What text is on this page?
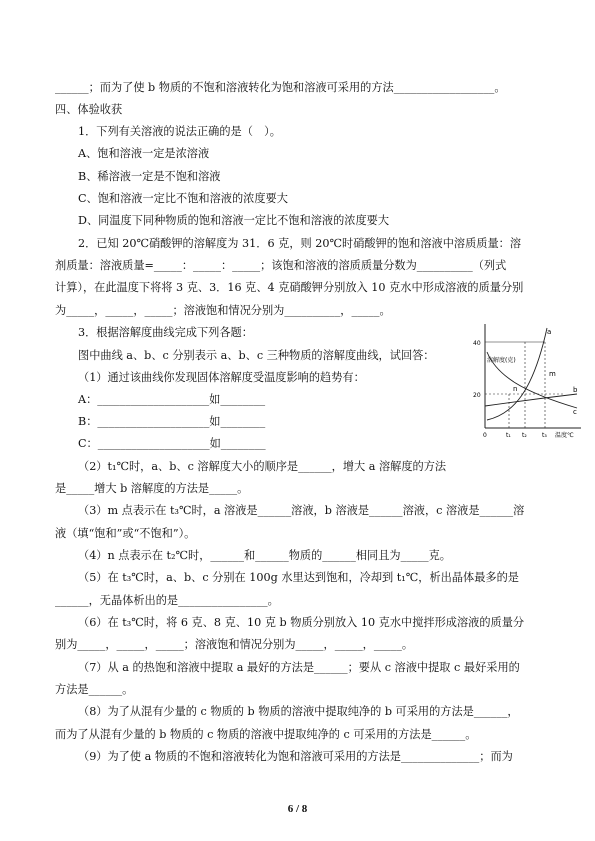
______；而为了使 b 物质的不饱和溶液转化为饱和溶液可采用的方法__________________。
四、体验收获
1．下列有关溶液的说法正确的是（　）。
A、饱和溶液一定是浓溶液
B、稀溶液一定是不饱和溶液
C、饱和溶液一定比不饱和溶液的浓度要大
D、同温度下同种物质的饱和溶液一定比不饱和溶液的浓度要大
2．已知 20℃硝酸钾的溶解度为 31．6 克，则 20℃时硝酸钾的饱和溶液中溶质质量：溶
剂质量：溶液质量=_____：_____：_____；该饱和溶液的溶质质量分数为__________（列式
计算），在此温度下将将 3 克、3．16 克、4 克硝酸钾分别放入 10 克水中形成溶液的质量分别
为_____，_____，_____；溶液饱和情况分别为__________，_____。
3．根据溶解度曲线完成下列各题：
图中曲线 a、b、c 分别表示 a、b、c 三种物质的溶解度曲线，试回答：
（1）通过该曲线你发现固体溶解度受温度影响的趋势有：
A：____________________如________
B：____________________如________
C：____________________如________
（2）t₁℃时，a、b、c 溶解度大小的顺序是______，增大 a 溶解度的方法
是_____增大 b 溶解度的方法是_____。
（3）m 点表示在 t₃℃时，a 溶液是______溶液，b 溶液是______溶液，c 溶液是______溶
液（填“饱和”或“不饱和”）。
（4）n 点表示在 t₂℃时，______和______物质的______相同且为_____克。
（5）在 t₃℃时，a、b、c 分别在 100g 水里达到饱和，冷却到 t₁℃，析出晶体最多的是
______，无晶体析出的是________________。
（6）在 t₃℃时，将 6 克、8 克、10 克 b 物质分别放入 10 克水中搅拌形成溶液的质量分
别为_____，_____，_____；溶液饱和情况分别为_____，_____，_____。
（7）从 a 的热饱和溶液中提取 a 最好的方法是______；要从 c 溶液中提取 c 最好采用的
方法是______。
（8）为了从混有少量的 c 物质的 b 物质的溶液中提取纯净的 b 可采用的方法是______，
而为了从混有少量的 b 物质的 c 物质的溶液中提取纯净的 c 可采用的方法是______。
（9）为了使 a 物质的不饱和溶液转化为饱和溶液可采用的方法是______________；而为
a
b
c
m
n
40
20
溶解度(克)
0	t₁ t₂	t₃ 温度℃
6 / 8
